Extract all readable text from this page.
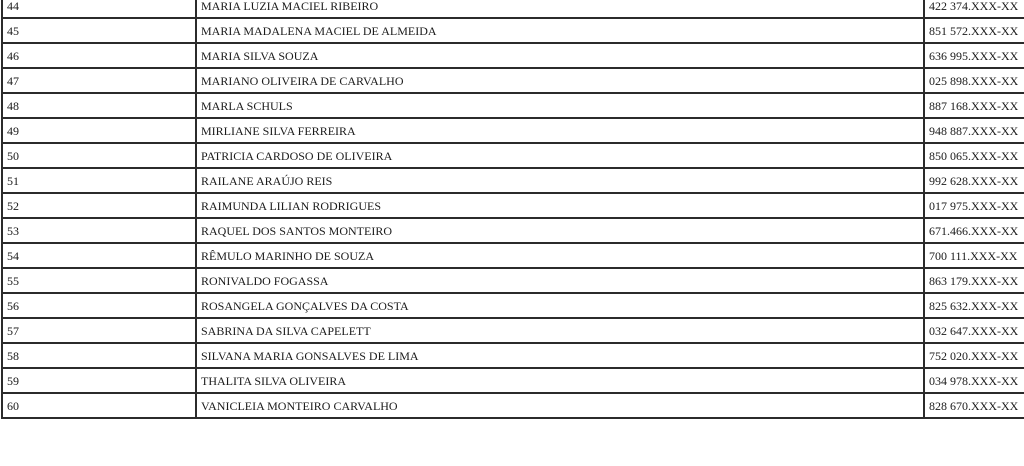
44	MARIA LUZIA MACIEL RIBEIRO	422 374.XXX-XX
45	MARIA MADALENA MACIEL DE ALMEIDA	851 572.XXX-XX
46	MARIA SILVA SOUZA	636 995.XXX-XX
47	MARIANO OLIVEIRA DE CARVALHO	025 898.XXX-XX
48	MARLA SCHULS	887 168.XXX-XX
49	MIRLIANE SILVA FERREIRA	948 887.XXX-XX
50	PATRICIA CARDOSO DE OLIVEIRA	850 065.XXX-XX
51	RAILANE ARAÚJO REIS	992 628.XXX-XX
52	RAIMUNDA LILIAN RODRIGUES	017 975.XXX-XX
53	RAQUEL DOS SANTOS MONTEIRO	671.466.XXX-XX
54	RÊMULO MARINHO DE SOUZA	700 111.XXX-XX
55	RONIVALDO FOGASSA	863 179.XXX-XX
56	ROSANGELA GONÇALVES DA COSTA	825 632.XXX-XX
57	SABRINA DA SILVA CAPELETT	032 647.XXX-XX
58	SILVANA MARIA GONSALVES DE LIMA	752 020.XXX-XX
59	THALITA SILVA OLIVEIRA	034 978.XXX-XX
60	VANICLEIA MONTEIRO CARVALHO	828 670.XXX-XX
